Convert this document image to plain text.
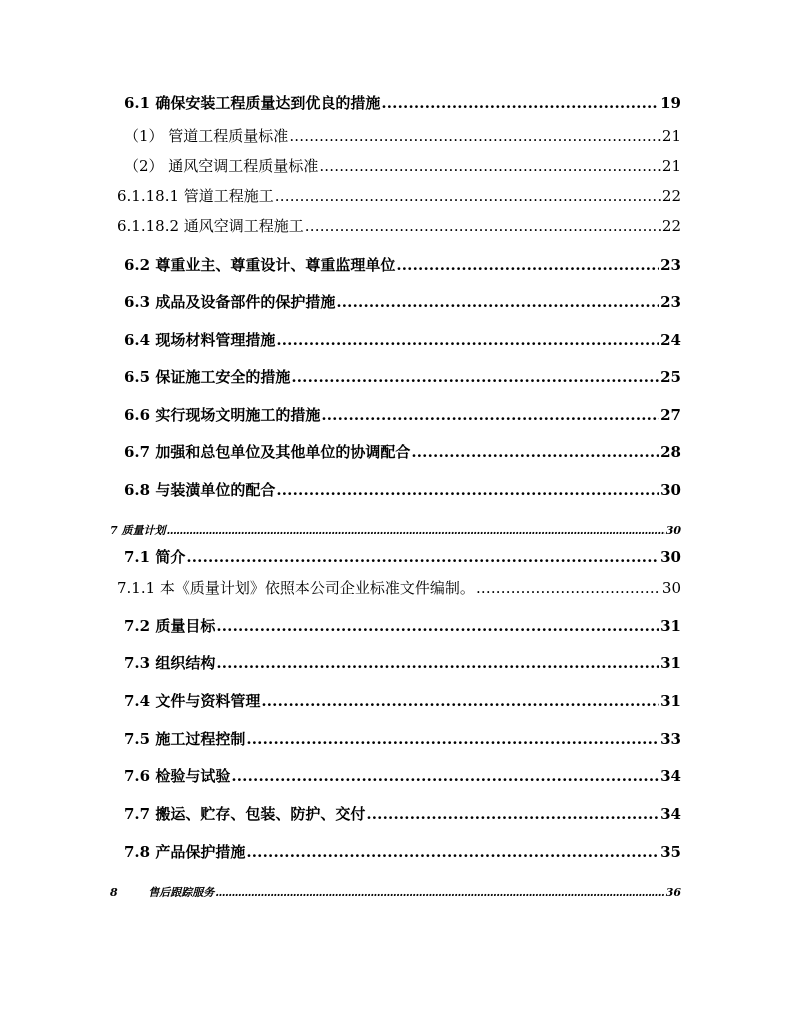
6.1 确保安装工程质量达到优良的措施 .....	19
（1） 管道工程质量标准 .....	21
（2） 通风空调工程质量标准 .....	21
6.1.18.1 管道工程施工 .....	22
6.1.18.2 通风空调工程施工 .....	22
6.2 尊重业主、尊重设计、尊重监理单位 .....	23
6.3 成品及设备部件的保护措施 .....	23
6.4 现场材料管理措施 .....	24
6.5 保证施工安全的措施 .....	25
6.6 实行现场文明施工的措施 .....	27
6.7 加强和总包单位及其他单位的协调配合 .....	28
6.8 与装潢单位的配合 .....	30
7 质量计划 .....	30
7.1 简介 .....	30
7.1.1 本《质量计划》依照本公司企业标准文件编制。 .....	30
7.2 质量目标 .....	31
7.3 组织结构 .....	31
7.4 文件与资料管理 .....	31
7.5 施工过程控制 .....	33
7.6 检验与试验 .....	34
7.7 搬运、贮存、包装、防护、交付 .....	34
7.8 产品保护措施 .....	35
8        售后跟踪服务 .....	36
